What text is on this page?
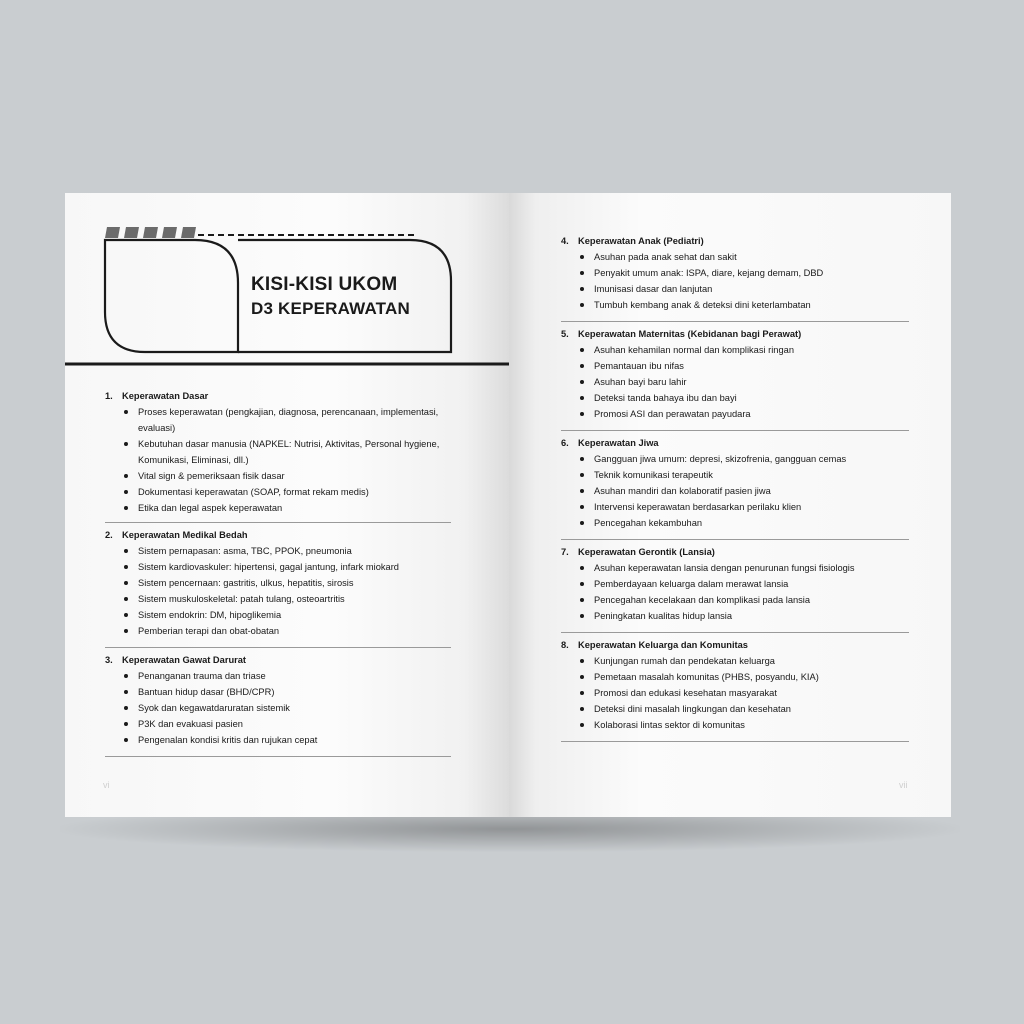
KISI-KISI UKOM
D3 KEPERAWATAN
1. Keperawatan Dasar
Proses keperawatan (pengkajian, diagnosa, perencanaan, implementasi, evaluasi)
Kebutuhan dasar manusia (NAPKEL: Nutrisi, Aktivitas, Personal hygiene, Komunikasi, Eliminasi, dll.)
Vital sign & pemeriksaan fisik dasar
Dokumentasi keperawatan (SOAP, format rekam medis)
Etika dan legal aspek keperawatan
2. Keperawatan Medikal Bedah
Sistem pernapasan: asma, TBC, PPOK, pneumonia
Sistem kardiovaskuler: hipertensi, gagal jantung, infark miokard
Sistem pencernaan: gastritis, ulkus, hepatitis, sirosis
Sistem muskuloskeletal: patah tulang, osteoartritis
Sistem endokrin: DM, hipoglikemia
Pemberian terapi dan obat-obatan
3. Keperawatan Gawat Darurat
Penanganan trauma dan triase
Bantuan hidup dasar (BHD/CPR)
Syok dan kegawatdaruratan sistemik
P3K dan evakuasi pasien
Pengenalan kondisi kritis dan rujukan cepat
vi
4. Keperawatan Anak (Pediatri)
Asuhan pada anak sehat dan sakit
Penyakit umum anak: ISPA, diare, kejang demam, DBD
Imunisasi dasar dan lanjutan
Tumbuh kembang anak & deteksi dini keterlambatan
5. Keperawatan Maternitas (Kebidanan bagi Perawat)
Asuhan kehamilan normal dan komplikasi ringan
Pemantauan ibu nifas
Asuhan bayi baru lahir
Deteksi tanda bahaya ibu dan bayi
Promosi ASI dan perawatan payudara
6. Keperawatan Jiwa
Gangguan jiwa umum: depresi, skizofrenia, gangguan cemas
Teknik komunikasi terapeutik
Asuhan mandiri dan kolaboratif pasien jiwa
Intervensi keperawatan berdasarkan perilaku klien
Pencegahan kekambuhan
7. Keperawatan Gerontik (Lansia)
Asuhan keperawatan lansia dengan penurunan fungsi fisiologis
Pemberdayaan keluarga dalam merawat lansia
Pencegahan kecelakaan dan komplikasi pada lansia
Peningkatan kualitas hidup lansia
8. Keperawatan Keluarga dan Komunitas
Kunjungan rumah dan pendekatan keluarga
Pemetaan masalah komunitas (PHBS, posyandu, KIA)
Promosi dan edukasi kesehatan masyarakat
Deteksi dini masalah lingkungan dan kesehatan
Kolaborasi lintas sektor di komunitas
vii
